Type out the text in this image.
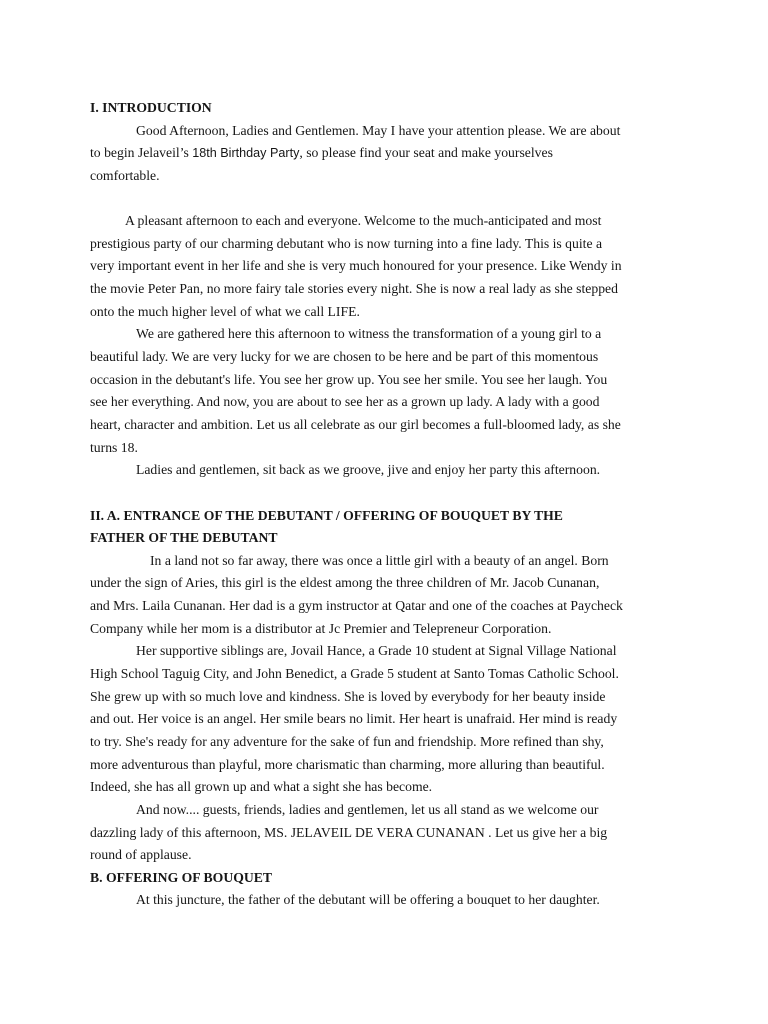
I. INTRODUCTION
Good Afternoon, Ladies and Gentlemen. May I have your attention please. We are about
to begin Jelaveil’s 18th Birthday Party, so please find your seat and make yourselves
comfortable.
A pleasant afternoon to each and everyone. Welcome to the much-anticipated and most
prestigious party of our charming debutant who is now turning into a fine lady. This is quite a
very important event in her life and she is very much honoured for your presence. Like Wendy in
the movie Peter Pan, no more fairy tale stories every night. She is now a real lady as she stepped
onto the much higher level of what we call LIFE.
We are gathered here this afternoon to witness the transformation of a young girl to a
beautiful lady. We are very lucky for we are chosen to be here and be part of this momentous
occasion in the debutant's life. You see her grow up. You see her smile. You see her laugh. You
see her everything. And now, you are about to see her as a grown up lady. A lady with a good
heart, character and ambition. Let us all celebrate as our girl becomes a full-bloomed lady, as she
turns 18.
Ladies and gentlemen, sit back as we groove, jive and enjoy her party this afternoon.
II. A. ENTRANCE OF THE DEBUTANT / OFFERING OF BOUQUET BY THE
FATHER OF THE DEBUTANT
In a land not so far away, there was once a little girl with a beauty of an angel. Born
under the sign of Aries, this girl is the eldest among the three children of Mr. Jacob Cunanan,
and Mrs. Laila Cunanan. Her dad is a gym instructor at Qatar and one of the coaches at Paycheck
Company while her mom is a distributor at Jc Premier and Telepreneur Corporation.
Her supportive siblings are, Jovail Hance, a Grade 10 student at Signal Village National
High School Taguig City, and John Benedict, a Grade 5 student at Santo Tomas Catholic School.
She grew up with so much love and kindness. She is loved by everybody for her beauty inside
and out. Her voice is an angel. Her smile bears no limit. Her heart is unafraid. Her mind is ready
to try. She's ready for any adventure for the sake of fun and friendship. More refined than shy,
more adventurous than playful, more charismatic than charming, more alluring than beautiful.
Indeed, she has all grown up and what a sight she has become.
And now.... guests, friends, ladies and gentlemen, let us all stand as we welcome our
dazzling lady of this afternoon, MS. JELAVEIL DE VERA CUNANAN . Let us give her a big
round of applause.
B. OFFERING OF BOUQUET
At this juncture, the father of the debutant will be offering a bouquet to her daughter.
